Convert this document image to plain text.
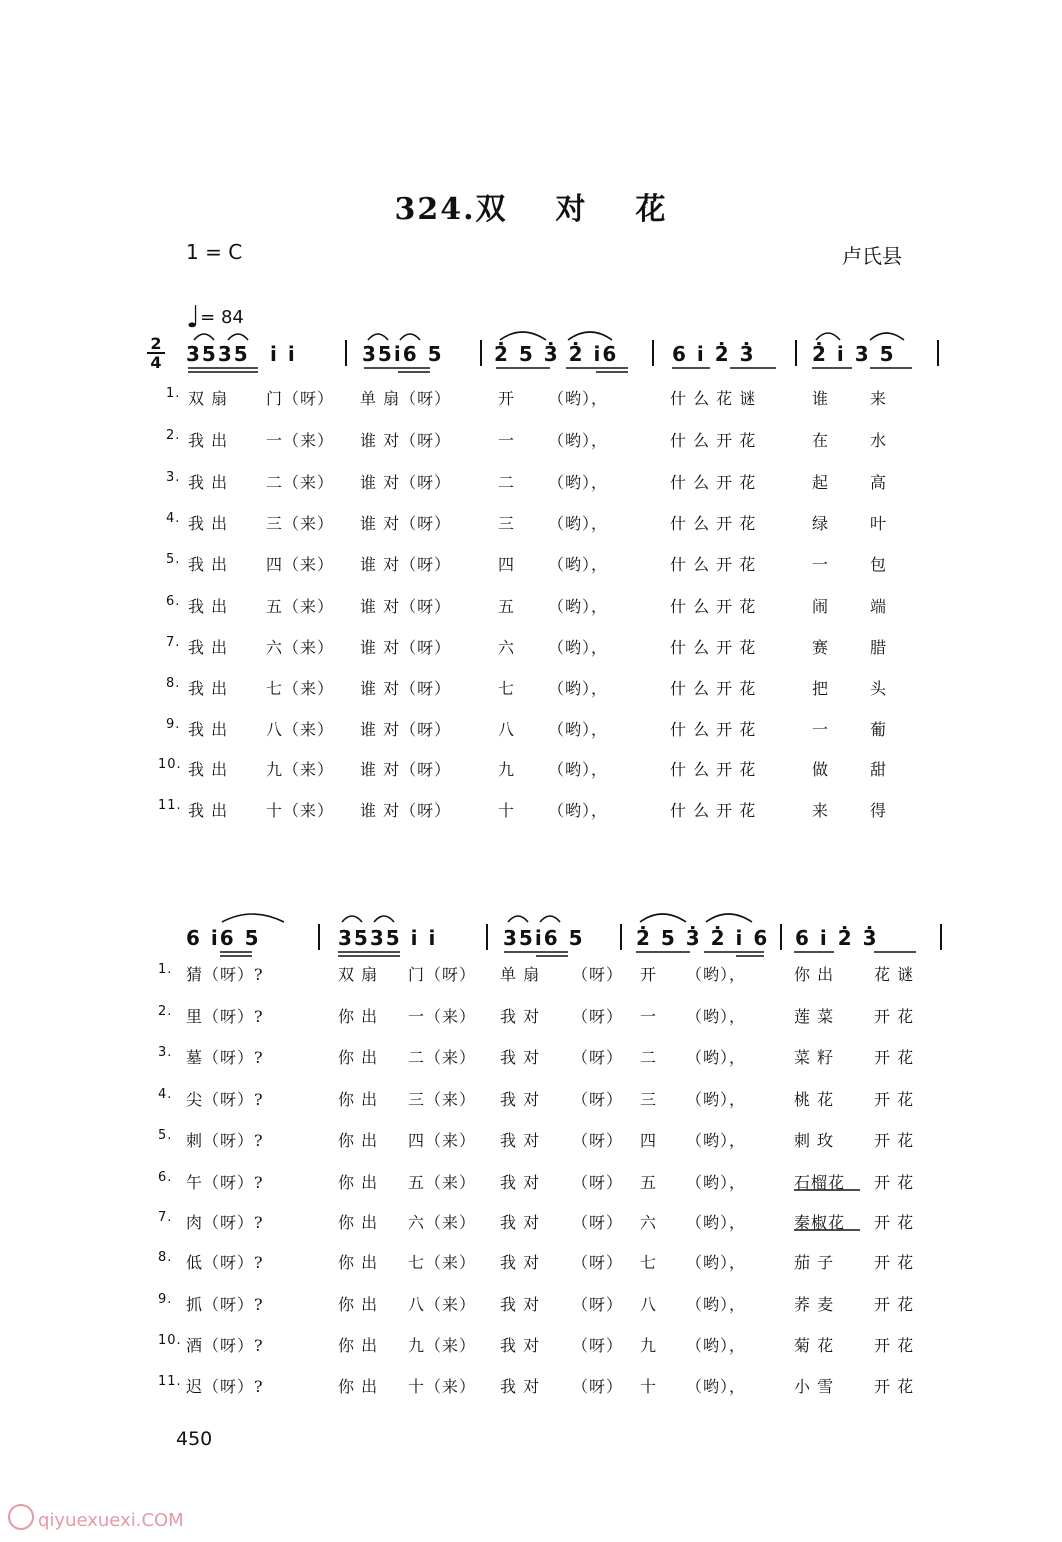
324.双 对 花
1 = C	卢氏县
♩= 84
2
4 3535 i i	35i6 5	2̇ 5 3̇ 2̇ i6	6 i 2̇ 3̇	2̇ i 3 5
6 i6 5	3535 i i	35i6 5	2̇ 5 3̇ 2̇ i 6 6 i 2̇ 3̇
1. 双 扇 门（呀） 单 扇（呀）	开 （哟），	什 么 花 谜	谁	来
2. 我 出 一（来） 谁 对（呀）	一 （哟），	什 么 开 花	在	水
3. 我 出 二（来） 谁 对（呀）	二 （哟），	什 么 开 花	起	高
4. 我 出 三（来） 谁 对（呀）	三 （哟），	什 么 开 花	绿	叶
5. 我 出 四（来） 谁 对（呀）	四 （哟），	什 么 开 花	一	包
6. 我 出 五（来） 谁 对（呀）	五 （哟），	什 么 开 花	闹	端
7. 我 出 六（来） 谁 对（呀）	六 （哟），	什 么 开 花	赛	腊
8. 我 出 七（来） 谁 对（呀）	七 （哟），	什 么 开 花	把	头
9. 我 出 八（来） 谁 对（呀）	八 （哟），	什 么 开 花	一	葡
10. 我 出 九（来） 谁 对（呀）	九 （哟），	什 么 开 花	做	甜
11. 我 出 十（来） 谁 对（呀）	十 （哟），	什 么 开 花	来	得
1. 猜（呀）?	双 扇 门（呀） 单 扇 （呀） 开 （哟），	你 出 花 谜
2. 里（呀）?	你 出 一（来） 我 对 （呀） 一 （哟），	莲 菜 开 花
3. 墓（呀）?	你 出 二（来） 我 对 （呀） 二 （哟），	菜 籽 开 花
4. 尖（呀）?	你 出 三（来） 我 对 （呀） 三 （哟），	桃 花 开 花
5. 刺（呀）?	你 出 四（来） 我 对 （呀） 四 （哟），	刺 玫 开 花
6. 午（呀）?	你 出 五（来） 我 对 （呀） 五 （哟），	石榴花 开 花
7. 肉（呀）?	你 出 六（来） 我 对 （呀） 六 （哟），	秦椒花 开 花
8. 低（呀）?	你 出 七（来） 我 对 （呀） 七 （哟），	茄 子 开 花
9. 抓（呀）?	你 出 八（来） 我 对 （呀） 八 （哟），	荞 麦 开 花
10. 酒（呀）?	你 出 九（来） 我 对 （呀） 九 （哟），	菊 花 开 花
11. 迟（呀）?	你 出 十（来） 我 对 （呀） 十 （哟），	小 雪 开 花
450
qiyuexuexi.COM
